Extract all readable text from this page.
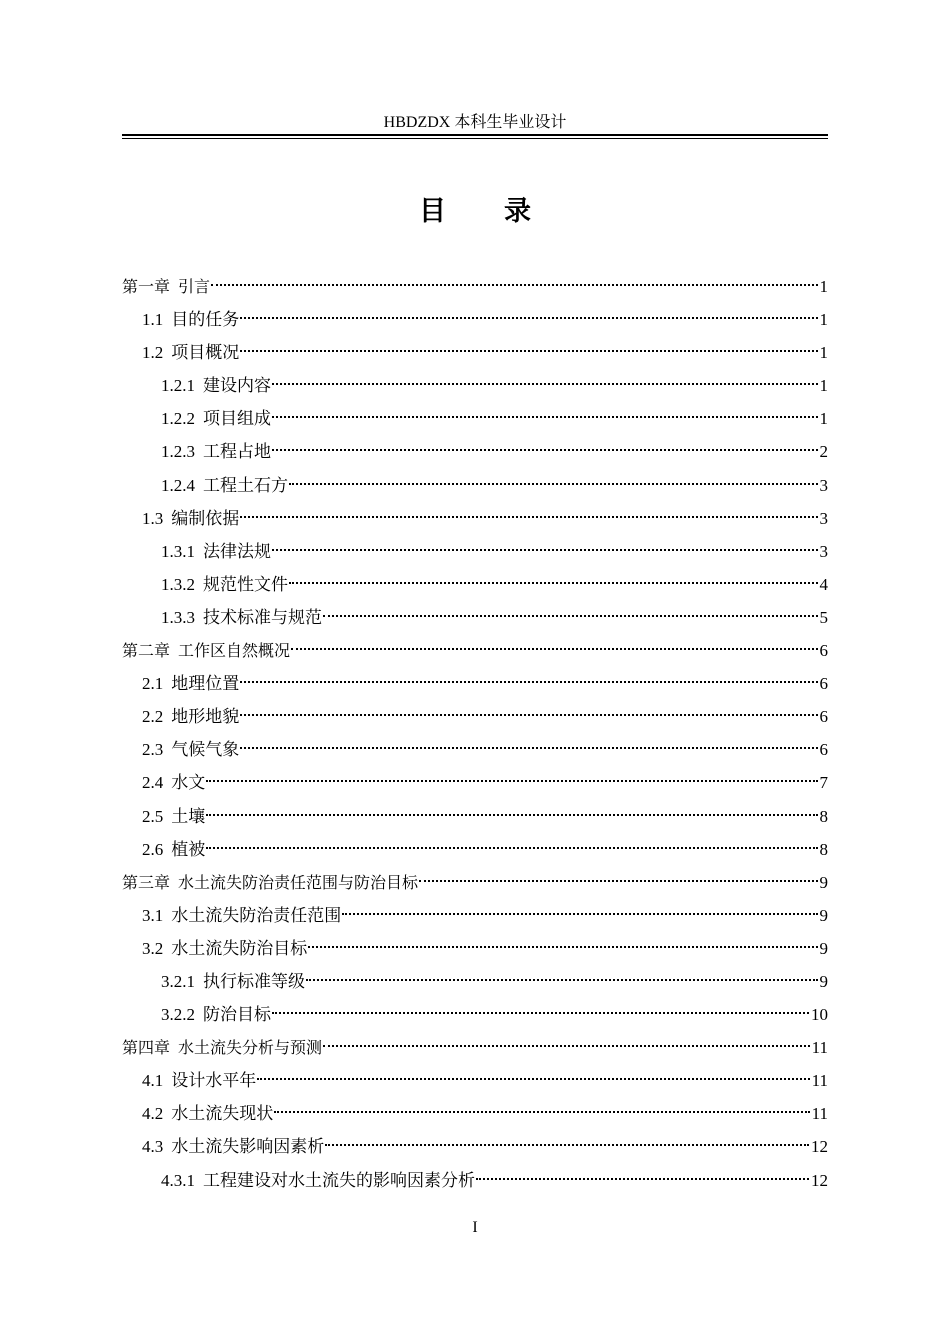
HBDZDX 本科生毕业设计
目 录
第一章 引言	1
1.1 目的任务	1
1.2 项目概况	1
1.2.1 建设内容	1
1.2.2 项目组成	1
1.2.3 工程占地	2
1.2.4 工程土石方	3
1.3 编制依据	3
1.3.1 法律法规	3
1.3.2 规范性文件	4
1.3.3 技术标准与规范	5
第二章 工作区自然概况	6
2.1 地理位置	6
2.2 地形地貌	6
2.3 气候气象	6
2.4 水文	7
2.5 土壤	8
2.6 植被	8
第三章 水土流失防治责任范围与防治目标	9
3.1 水土流失防治责任范围	9
3.2 水土流失防治目标	9
3.2.1 执行标准等级	9
3.2.2 防治目标	10
第四章 水土流失分析与预测	11
4.1 设计水平年	11
4.2 水土流失现状	11
4.3 水土流失影响因素析	12
4.3.1 工程建设对水土流失的影响因素分析	12
I
